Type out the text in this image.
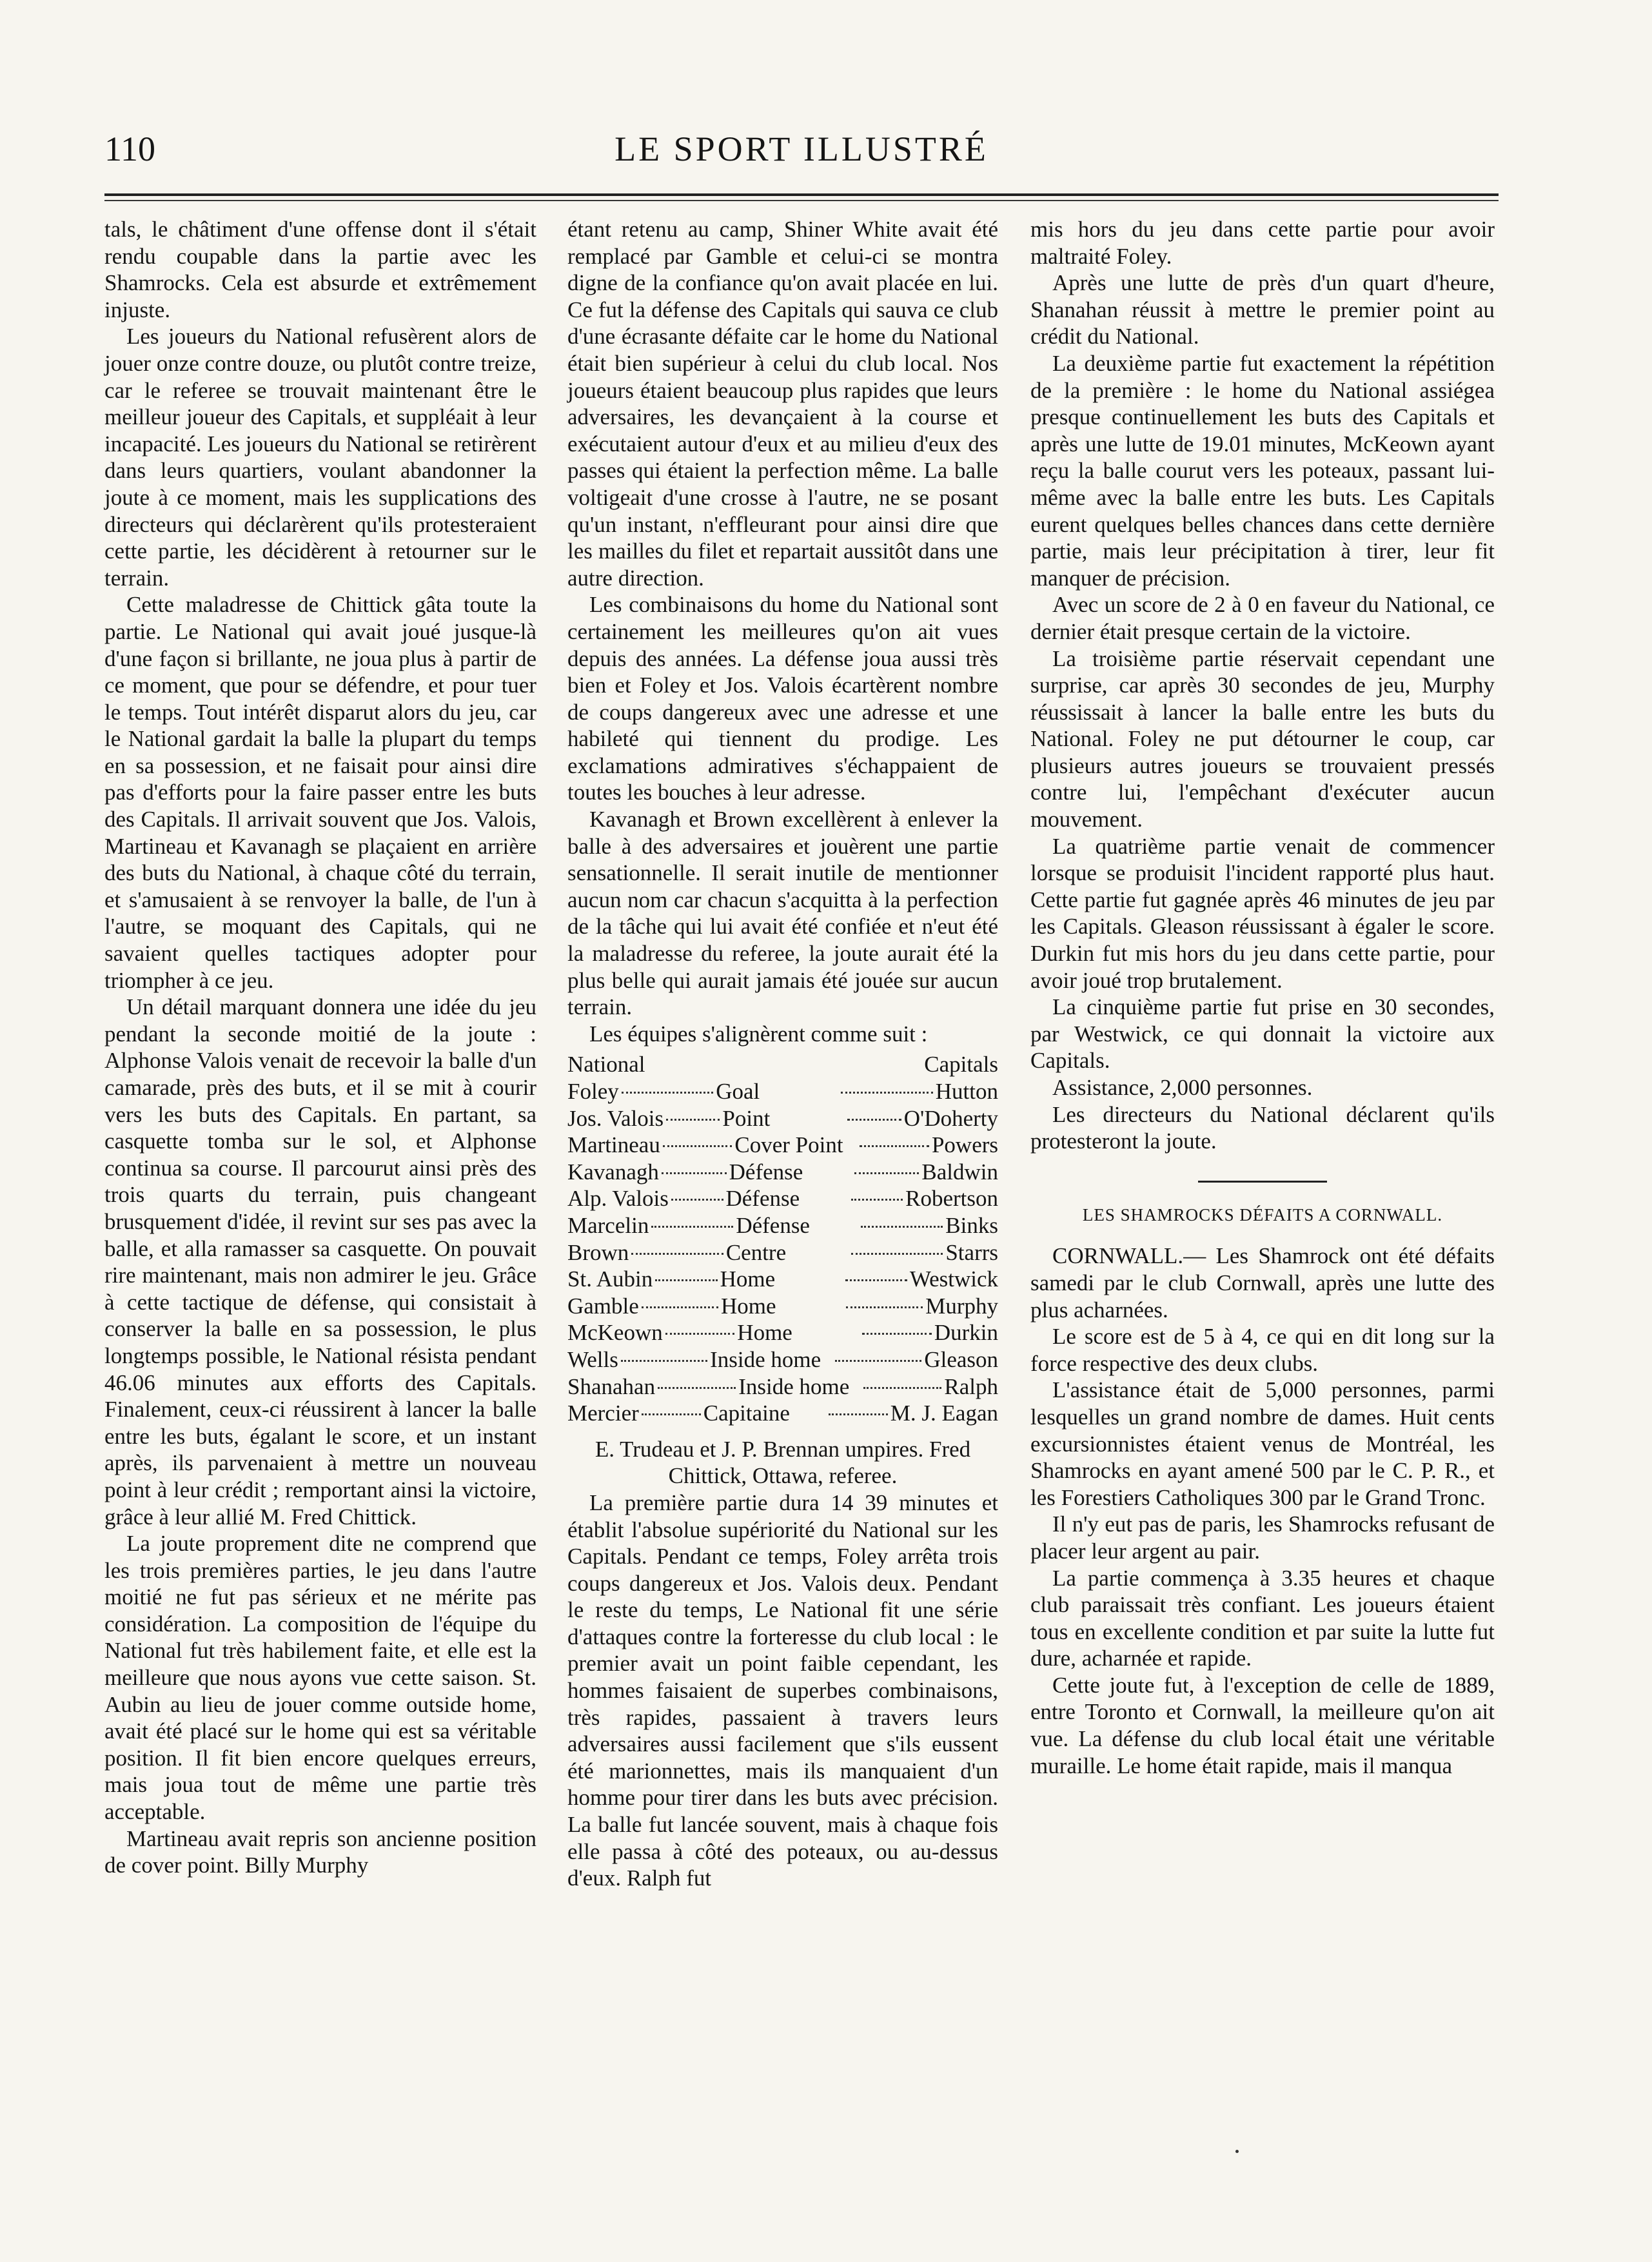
110	LE SPORT ILLUSTRÉ

tals, le châtiment d'une offense dont il s'était rendu coupable dans la partie avec les Shamrocks. Cela est absurde et extrêmement injuste.

Les joueurs du National refusèrent alors de jouer onze contre douze, ou plutôt contre treize, car le referee se trouvait maintenant être le meilleur joueur des Capitals, et suppléait à leur incapacité. Les joueurs du National se retirèrent dans leurs quartiers, voulant abandonner la joute à ce moment, mais les supplications des directeurs qui déclarèrent qu'ils protesteraient cette partie, les décidèrent à retourner sur le terrain.

Cette maladresse de Chittick gâta toute la partie. Le National qui avait joué jusque-là d'une façon si brillante, ne joua plus à partir de ce moment, que pour se défendre, et pour tuer le temps. Tout intérêt disparut alors du jeu, car le National gardait la balle la plupart du temps en sa possession, et ne faisait pour ainsi dire pas d'efforts pour la faire passer entre les buts des Capitals. Il arrivait souvent que Jos. Valois, Martineau et Kavanagh se plaçaient en arrière des buts du National, à chaque côté du terrain, et s'amusaient à se renvoyer la balle, de l'un à l'autre, se moquant des Capitals, qui ne savaient quelles tactiques adopter pour triompher à ce jeu.

Un détail marquant donnera une idée du jeu pendant la seconde moitié de la joute : Alphonse Valois venait de recevoir la balle d'un camarade, près des buts, et il se mit à courir vers les buts des Capitals. En partant, sa casquette tomba sur le sol, et Alphonse continua sa course. Il parcourut ainsi près des trois quarts du terrain, puis changeant brusquement d'idée, il revint sur ses pas avec la balle, et alla ramasser sa casquette. On pouvait rire maintenant, mais non admirer le jeu. Grâce à cette tactique de défense, qui consistait à conserver la balle en sa possession, le plus longtemps possible, le National résista pendant 46.06 minutes aux efforts des Capitals. Finalement, ceux-ci réussirent à lancer la balle entre les buts, égalant le score, et un instant après, ils parvenaient à mettre un nouveau point à leur crédit ; remportant ainsi la victoire, grâce à leur allié M. Fred Chittick.

La joute proprement dite ne comprend que les trois premières parties, le jeu dans l'autre moitié ne fut pas sérieux et ne mérite pas considération. La composition de l'équipe du National fut très habilement faite, et elle est la meilleure que nous ayons vue cette saison. St. Aubin au lieu de jouer comme outside home, avait été placé sur le home qui est sa véritable position. Il fit bien encore quelques erreurs, mais joua tout de même une partie très acceptable.

Martineau avait repris son ancienne position de cover point. Billy Murphy

étant retenu au camp, Shiner White avait été remplacé par Gamble et celui-ci se montra digne de la confiance qu'on avait placée en lui. Ce fut la défense des Capitals qui sauva ce club d'une écrasante défaite car le home du National était bien supérieur à celui du club local. Nos joueurs étaient beaucoup plus rapides que leurs adversaires, les devançaient à la course et exécutaient autour d'eux et au milieu d'eux des passes qui étaient la perfection même. La balle voltigeait d'une crosse à l'autre, ne se posant qu'un instant, n'effleurant pour ainsi dire que les mailles du filet et repartait aussitôt dans une autre direction.

Les combinaisons du home du National sont certainement les meilleures qu'on ait vues depuis des années. La défense joua aussi très bien et Foley et Jos. Valois écartèrent nombre de coups dangereux avec une adresse et une habileté qui tiennent du prodige. Les exclamations admiratives s'échappaient de toutes les bouches à leur adresse.

Kavanagh et Brown excellèrent à enlever la balle à des adversaires et jouèrent une partie sensationnelle. Il serait inutile de mentionner aucun nom car chacun s'acquitta à la perfection de la tâche qui lui avait été confiée et n'eut été la maladresse du referee, la joute aurait été la plus belle qui aurait jamais été jouée sur aucun terrain.

Les équipes s'alignèrent comme suit :

National	Capitals
Foley	Goal	Hutton
Jos. Valois	Point	O'Doherty
Martineau	Cover Point	Powers
Kavanagh	Défense	Baldwin
Alp. Valois	Défense	Robertson
Marcelin	Défense	Binks
Brown	Centre	Starrs
St. Aubin	Home	Westwick
Gamble	Home	Murphy
McKeown	Home	Durkin
Wells	Inside home	Gleason
Shanahan	Inside home	Ralph
Mercier	Capitaine	M. J. Eagan

E. Trudeau et J. P. Brennan umpires. Fred Chittick, Ottawa, referee.

La première partie dura 14 39 minutes et établit l'absolue supériorité du National sur les Capitals. Pendant ce temps, Foley arrêta trois coups dangereux et Jos. Valois deux. Pendant le reste du temps, Le National fit une série d'attaques contre la forteresse du club local : le premier avait un point faible cependant, les hommes faisaient de superbes combinaisons, très rapides, passaient à travers leurs adversaires aussi facilement que s'ils eussent été marionnettes, mais ils manquaient d'un homme pour tirer dans les buts avec précision. La balle fut lancée souvent, mais à chaque fois elle passa à côté des poteaux, ou au-dessus d'eux. Ralph fut

mis hors du jeu dans cette partie pour avoir maltraité Foley.

Après une lutte de près d'un quart d'heure, Shanahan réussit à mettre le premier point au crédit du National.

La deuxième partie fut exactement la répétition de la première : le home du National assiégea presque continuellement les buts des Capitals et après une lutte de 19.01 minutes, McKeown ayant reçu la balle courut vers les poteaux, passant lui-même avec la balle entre les buts. Les Capitals eurent quelques belles chances dans cette dernière partie, mais leur précipitation à tirer, leur fit manquer de précision.

Avec un score de 2 à 0 en faveur du National, ce dernier était presque certain de la victoire.

La troisième partie réservait cependant une surprise, car après 30 secondes de jeu, Murphy réussissait à lancer la balle entre les buts du National. Foley ne put détourner le coup, car plusieurs autres joueurs se trouvaient pressés contre lui, l'empêchant d'exécuter aucun mouvement.

La quatrième partie venait de commencer lorsque se produisit l'incident rapporté plus haut. Cette partie fut gagnée après 46 minutes de jeu par les Capitals. Gleason réussissant à égaler le score. Durkin fut mis hors du jeu dans cette partie, pour avoir joué trop brutalement.

La cinquième partie fut prise en 30 secondes, par Westwick, ce qui donnait la victoire aux Capitals.

Assistance, 2,000 personnes.

Les directeurs du National déclarent qu'ils protesteront la joute.

LES SHAMROCKS DÉFAITS A CORNWALL.

CORNWALL.— Les Shamrock ont été défaits samedi par le club Cornwall, après une lutte des plus acharnées.

Le score est de 5 à 4, ce qui en dit long sur la force respective des deux clubs.

L'assistance était de 5,000 personnes, parmi lesquelles un grand nombre de dames. Huit cents excursionnistes étaient venus de Montréal, les Shamrocks en ayant amené 500 par le C. P. R., et les Forestiers Catholiques 300 par le Grand Tronc.

Il n'y eut pas de paris, les Shamrocks refusant de placer leur argent au pair.

La partie commença à 3.35 heures et chaque club paraissait très confiant. Les joueurs étaient tous en excellente condition et par suite la lutte fut dure, acharnée et rapide.

Cette joute fut, à l'exception de celle de 1889, entre Toronto et Cornwall, la meilleure qu'on ait vue. La défense du club local était une véritable muraille. Le home était rapide, mais il manqua
